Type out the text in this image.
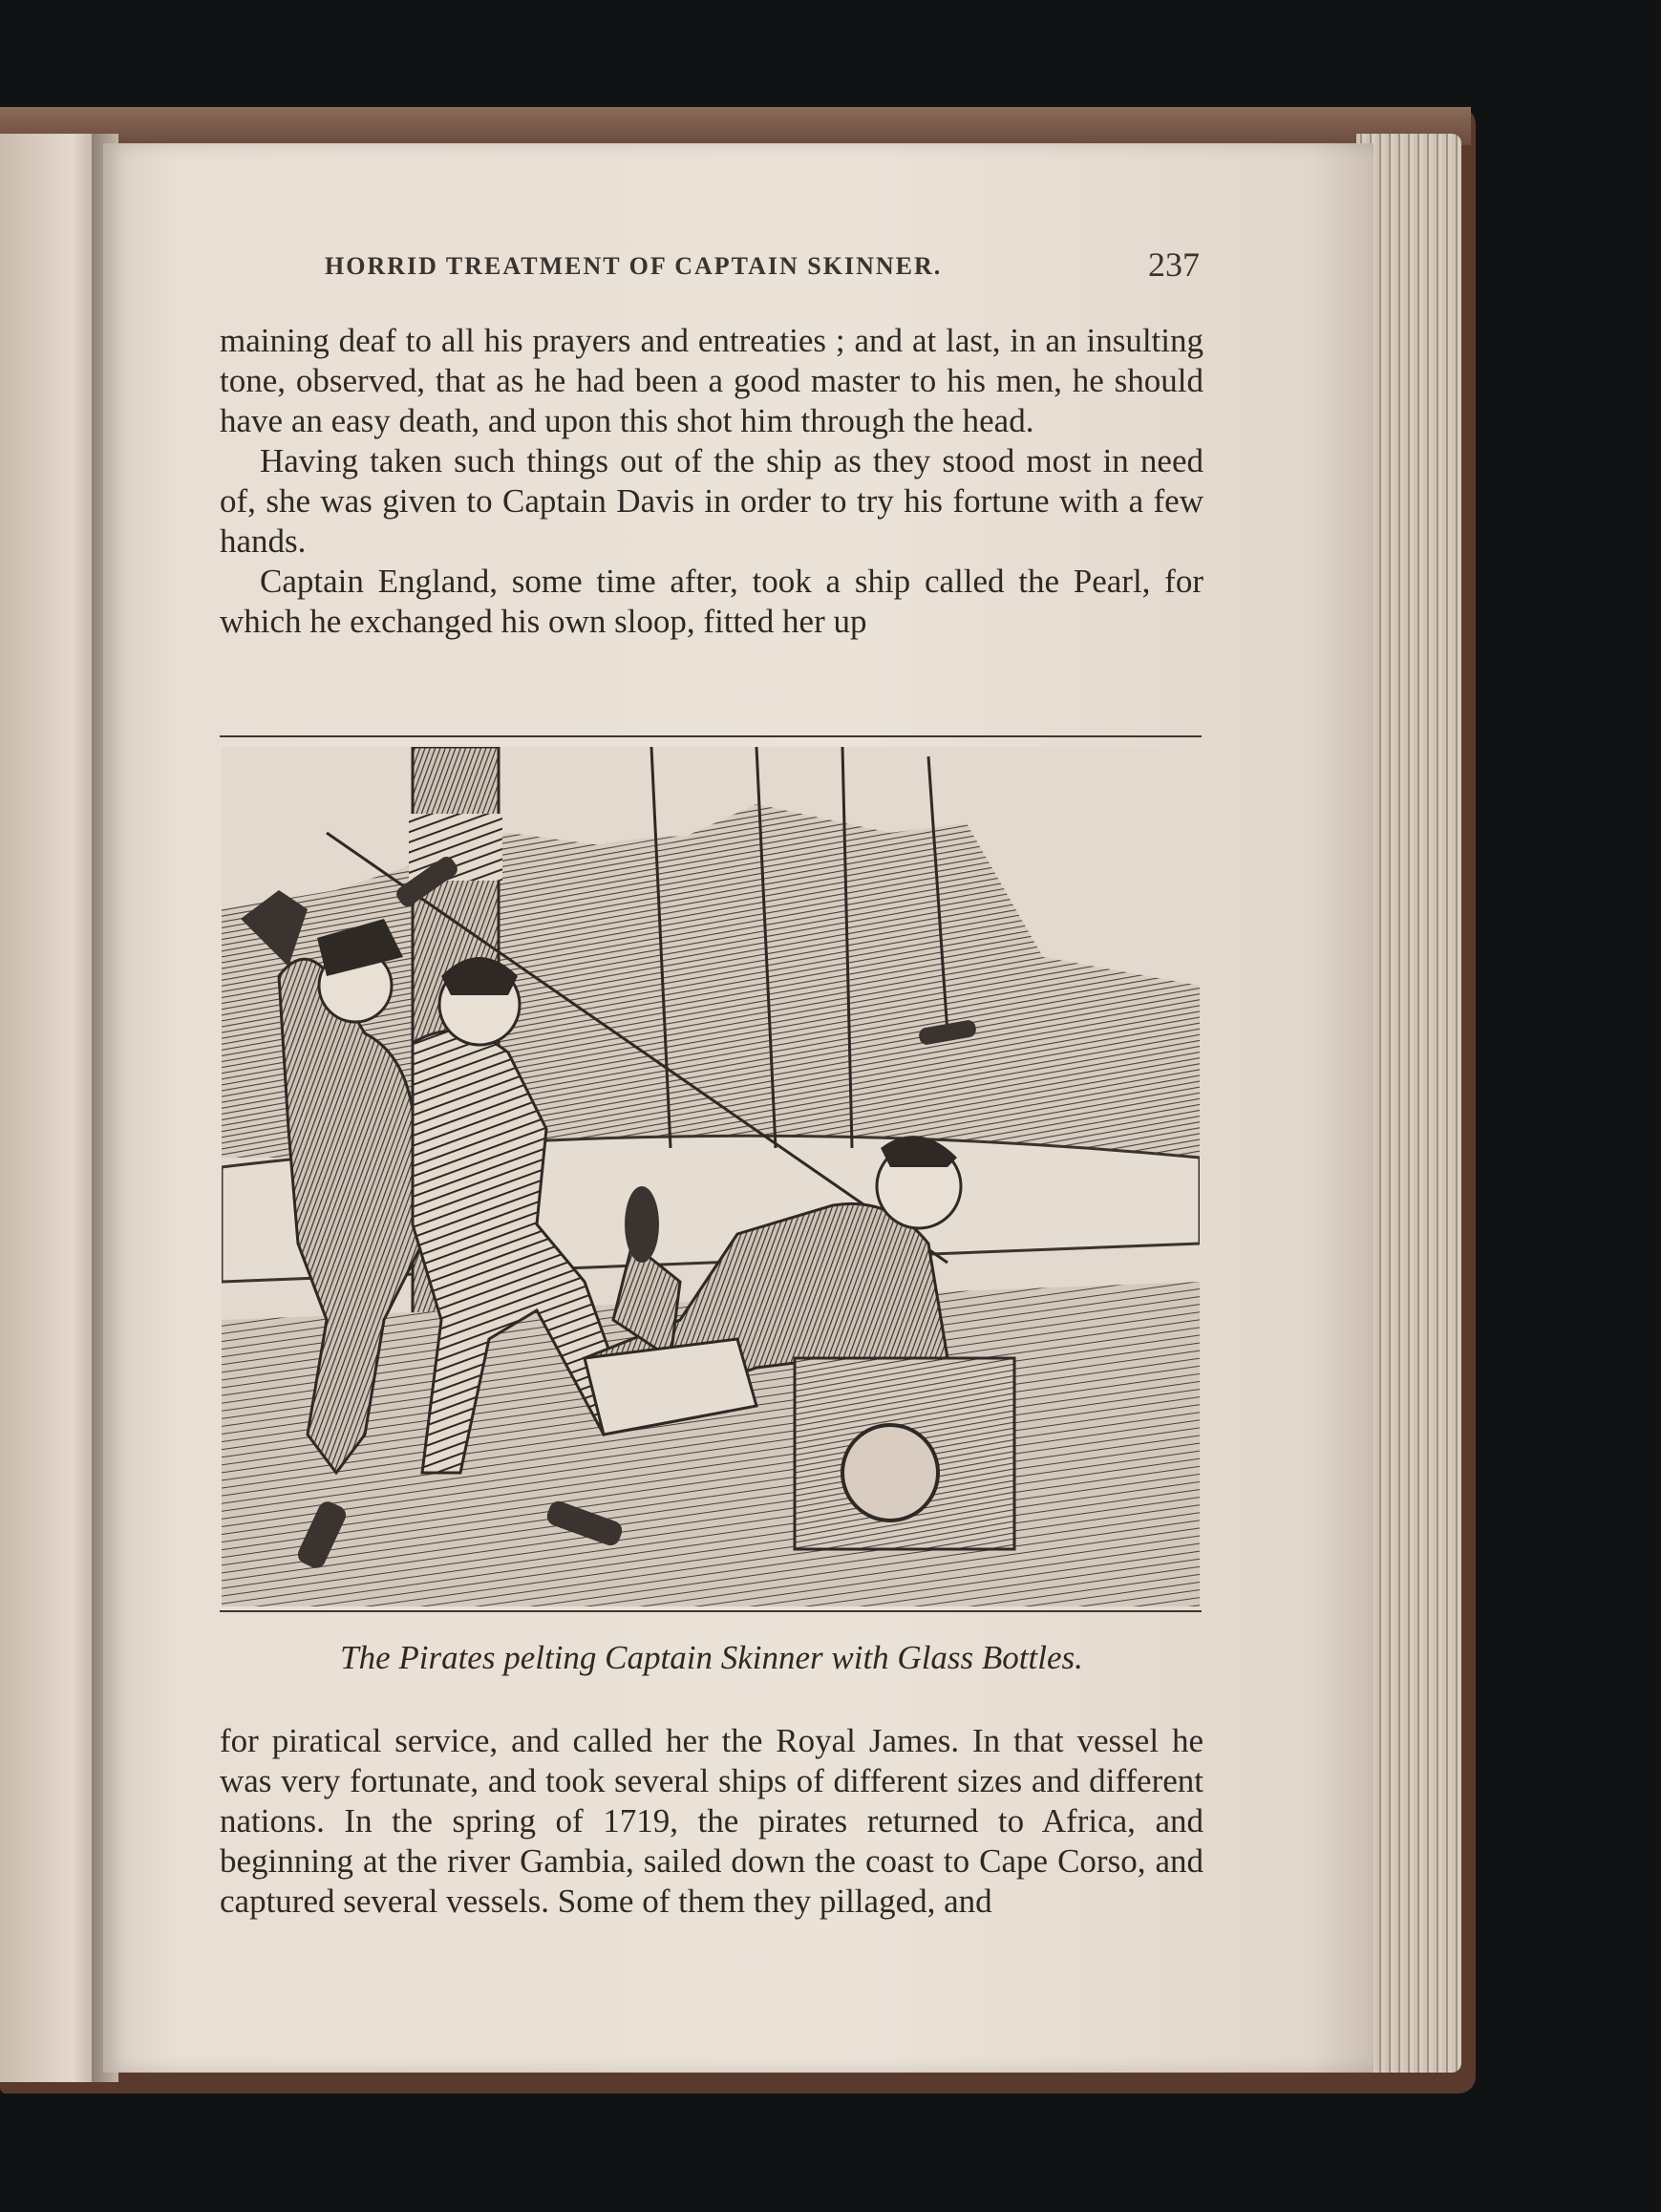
HORRID TREATMENT OF CAPTAIN SKINNER.	237

maining deaf to all his prayers and entreaties ; and at last, in an insulting tone, observed, that as he had been a good master to his men, he should have an easy death, and upon this shot him through the head.

Having taken such things out of the ship as they stood most in need of, she was given to Captain Davis in order to try his fortune with a few hands.

Captain England, some time after, took a ship called the Pearl, for which he exchanged his own sloop, fitted her up

The Pirates pelting Captain Skinner with Glass Bottles.

for piratical service, and called her the Royal James. In that vessel he was very fortunate, and took several ships of different sizes and different nations. In the spring of 1719, the pirates returned to Africa, and beginning at the river Gambia, sailed down the coast to Cape Corso, and captured several vessels. Some of them they pillaged, and
